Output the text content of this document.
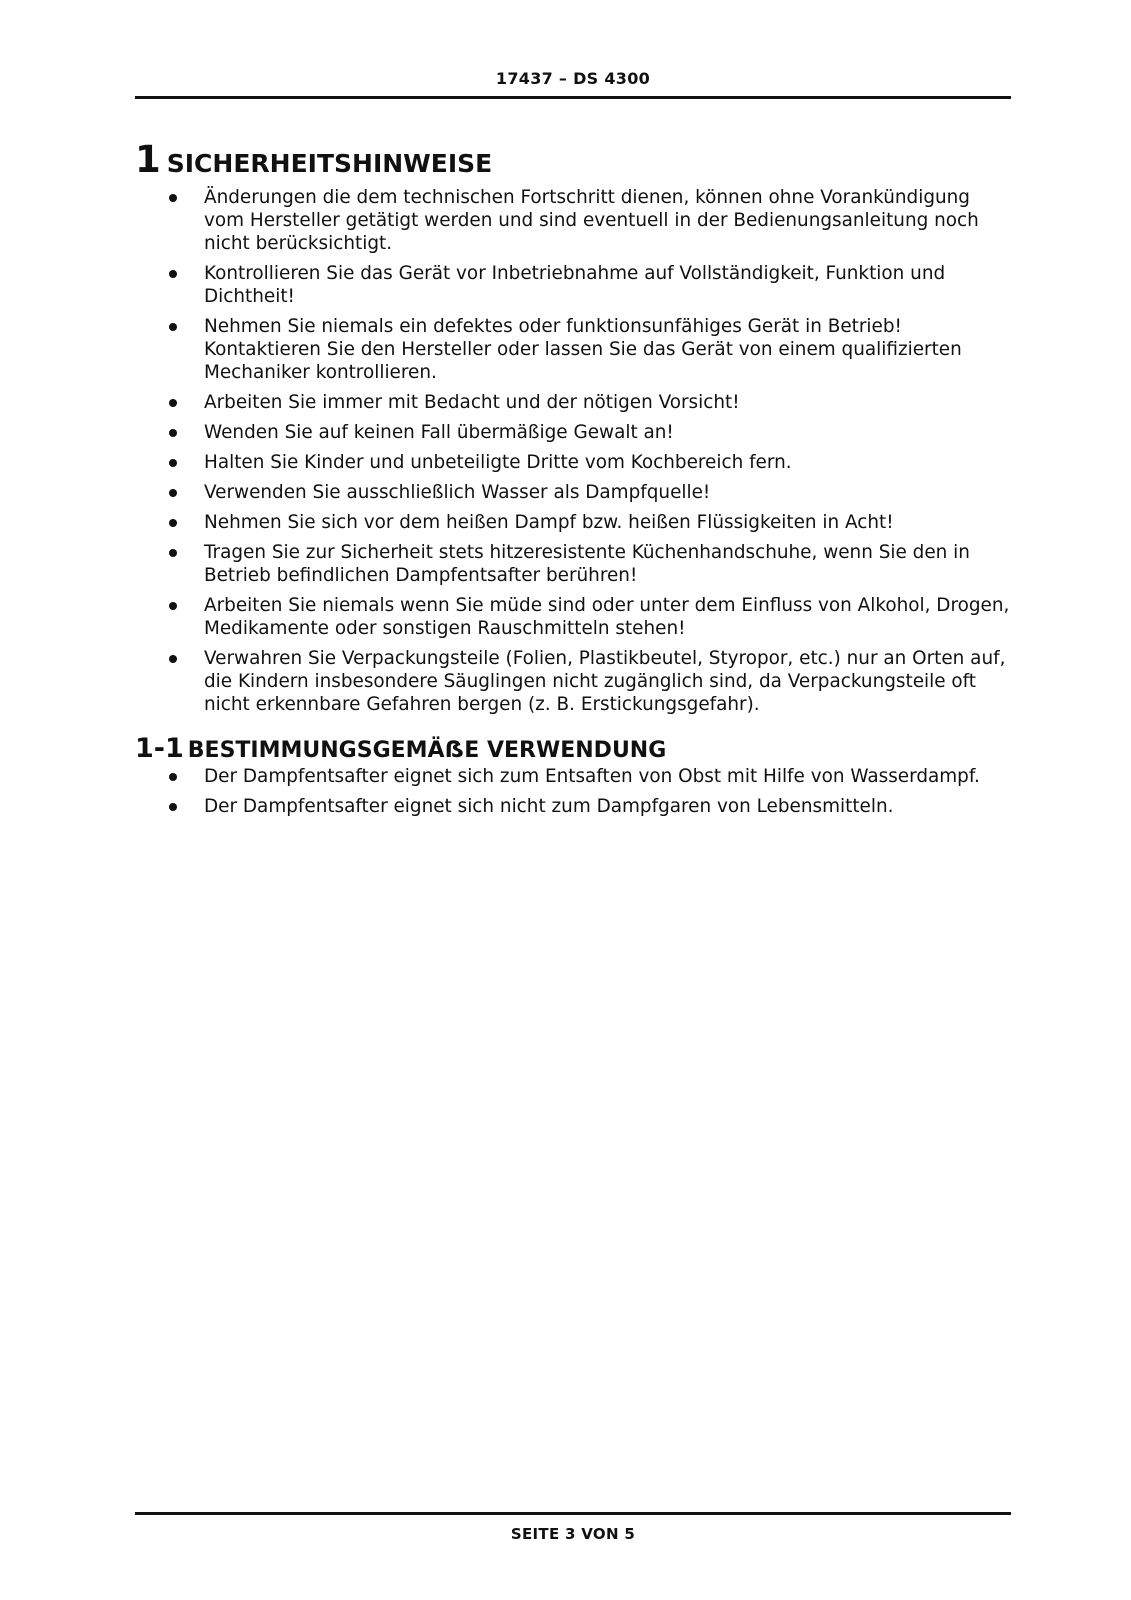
17437 – DS 4300
1 SICHERHEITSHINWEISE
Änderungen die dem technischen Fortschritt dienen, können ohne Vorankündigung vom Hersteller getätigt werden und sind eventuell in der Bedienungsanleitung noch nicht berücksichtigt.
Kontrollieren Sie das Gerät vor Inbetriebnahme auf Vollständigkeit, Funktion und Dichtheit!
Nehmen Sie niemals ein defektes oder funktionsunfähiges Gerät in Betrieb! Kontaktieren Sie den Hersteller oder lassen Sie das Gerät von einem qualifizierten Mechaniker kontrollieren.
Arbeiten Sie immer mit Bedacht und der nötigen Vorsicht!
Wenden Sie auf keinen Fall übermäßige Gewalt an!
Halten Sie Kinder und unbeteiligte Dritte vom Kochbereich fern.
Verwenden Sie ausschließlich Wasser als Dampfquelle!
Nehmen Sie sich vor dem heißen Dampf bzw. heißen Flüssigkeiten in Acht!
Tragen Sie zur Sicherheit stets hitzeresistente Küchenhandschuhe, wenn Sie den in Betrieb befindlichen Dampfentsafter berühren!
Arbeiten Sie niemals wenn Sie müde sind oder unter dem Einfluss von Alkohol, Drogen, Medikamente oder sonstigen Rauschmitteln stehen!
Verwahren Sie Verpackungsteile (Folien, Plastikbeutel, Styropor, etc.) nur an Orten auf, die Kindern insbesondere Säuglingen nicht zugänglich sind, da Verpackungsteile oft nicht erkennbare Gefahren bergen (z. B. Erstickungsgefahr).
1-1 BESTIMMUNGSGEMÄẞE VERWENDUNG
Der Dampfentsafter eignet sich zum Entsaften von Obst mit Hilfe von Wasserdampf.
Der Dampfentsafter eignet sich nicht zum Dampfgaren von Lebensmitteln.
SEITE 3 VON 5
